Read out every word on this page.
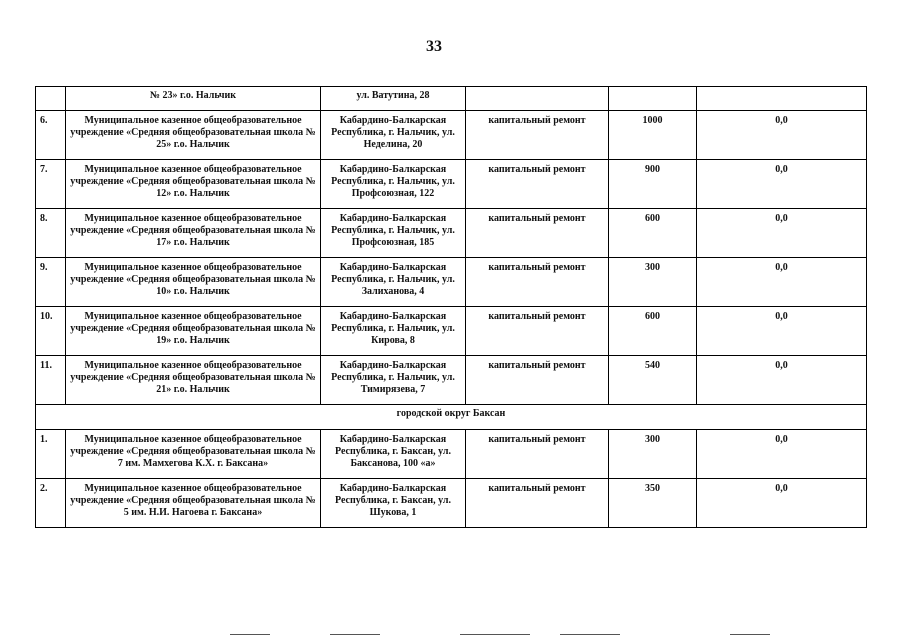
33
	№ 23» г.о. Нальчик	ул. Ватутина, 28			
6.	Муниципальное казенное общеобразовательное учреждение «Средняя общеобразовательная школа № 25» г.о. Нальчик	Кабардино-Балкарская Республика, г. Нальчик, ул. Неделина, 20	капитальный ремонт	1000	0,0
7.	Муниципальное казенное общеобразовательное учреждение «Средняя общеобразовательная школа № 12» г.о. Нальчик	Кабардино-Балкарская Республика, г. Нальчик, ул. Профсоюзная, 122	капитальный ремонт	900	0,0
8.	Муниципальное казенное общеобразовательное учреждение «Средняя общеобразовательная школа № 17» г.о. Нальчик	Кабардино-Балкарская Республика, г. Нальчик, ул. Профсоюзная, 185	капитальный ремонт	600	0,0
9.	Муниципальное казенное общеобразовательное учреждение «Средняя общеобразовательная школа № 10» г.о. Нальчик	Кабардино-Балкарская Республика, г. Нальчик, ул. Залиханова, 4	капитальный ремонт	300	0,0
10.	Муниципальное казенное общеобразовательное учреждение «Средняя общеобразовательная школа № 19» г.о. Нальчик	Кабардино-Балкарская Республика, г. Нальчик, ул. Кирова, 8	капитальный ремонт	600	0,0
11.	Муниципальное казенное общеобразовательное учреждение «Средняя общеобразовательная школа № 21» г.о. Нальчик	Кабардино-Балкарская Республика, г. Нальчик, ул. Тимирязева, 7	капитальный ремонт	540	0,0
городской округ Баксан					
1.	Муниципальное казенное общеобразовательное учреждение «Средняя общеобразовательная школа № 7 им. Мамхегова К.Х. г. Баксана»	Кабардино-Балкарская Республика, г. Баксан, ул. Баксанова, 100 «а»	капитальный ремонт	300	0,0
2.	Муниципальное казенное общеобразовательное учреждение «Средняя общеобразовательная школа № 5 им. Н.И. Нагоева г. Баксана»	Кабардино-Балкарская Республика, г. Баксан, ул. Шукова, 1	капитальный ремонт	350	0,0
